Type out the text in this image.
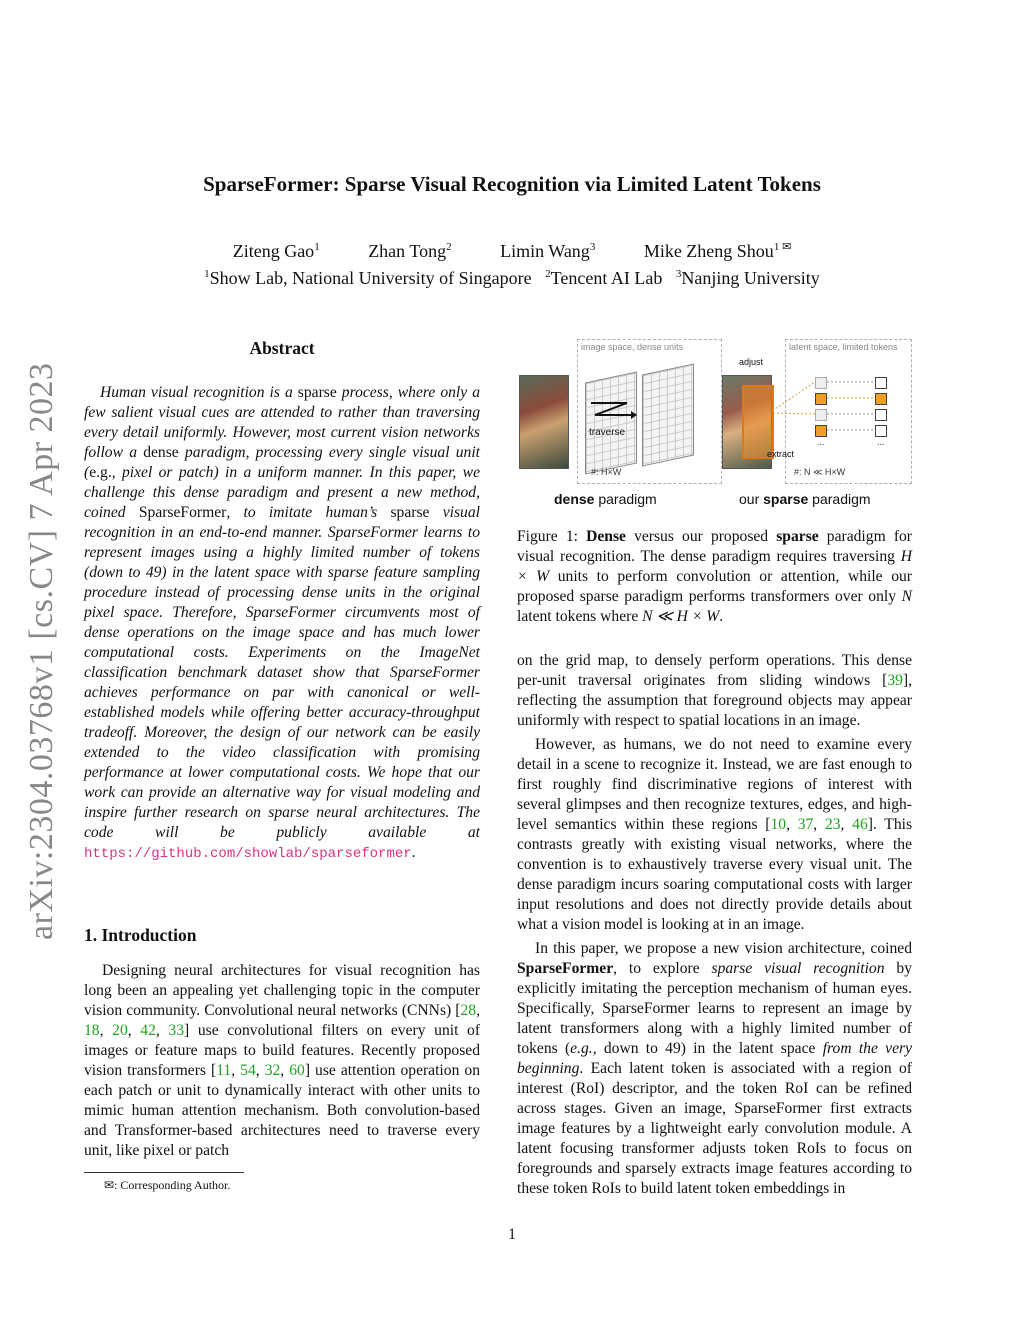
SparseFormer: Sparse Visual Recognition via Limited Latent Tokens
Ziteng Gao$^1$	Zhan Tong$^2$	Limin Wang$^3$	Mike Zheng Shou$^{1 ✉}$
$^1$Show Lab, National University of Singapore $^2$Tencent AI Lab $^3$Nanjing University
arXiv:2304.03768v1 [cs.CV] 7 Apr 2023
Abstract
Human visual recognition is a sparse process, where only a few salient visual cues are attended to rather than traversing every detail uniformly. However, most current vision networks follow a dense paradigm, processing every single visual unit (e.g., pixel or patch) in a uniform manner. In this paper, we challenge this dense paradigm and present a new method, coined SparseFormer, to imitate human’s sparse visual recognition in an end-to-end manner. SparseFormer learns to represent images using a highly limited number of tokens (down to 49) in the latent space with sparse feature sampling procedure instead of processing dense units in the original pixel space. Therefore, SparseFormer circumvents most of dense operations on the image space and has much lower computational costs. Experiments on the ImageNet classification benchmark dataset show that SparseFormer achieves performance on par with canonical or well-established models while offering better accuracy-throughput tradeoff. Moreover, the design of our network can be easily extended to the video classification with promising performance at lower computational costs. We hope that our work can provide an alternative way for visual modeling and inspire further research on sparse neural architectures. The code will be publicly available at https://github.com/showlab/sparseformer.
1. Introduction
Designing neural architectures for visual recognition has long been an appealing yet challenging topic in the computer vision community. Convolutional neural networks (CNNs) [28, 18, 20, 42, 33] use convolutional filters on every unit of images or feature maps to build features. Recently proposed vision transformers [11, 54, 32, 60] use attention operation on each patch or unit to dynamically interact with other units to mimic human attention mechanism. Both convolution-based and Transformer-based architectures need to traverse every unit, like pixel or patch
✉: Corresponding Author.
image space, dense units
traverse
#: H×W
latent space, limited tokens
adjust
extract
...	...
#: N ≪ H×W
dense paradigm	our sparse paradigm
Figure 1: Dense versus our proposed sparse paradigm for visual recognition. The dense paradigm requires traversing H × W units to perform convolution or attention, while our proposed sparse paradigm performs transformers over only N latent tokens where N ≪ H × W.

on the grid map, to densely perform operations. This dense per-unit traversal originates from sliding windows [39], reflecting the assumption that foreground objects may appear uniformly with respect to spatial locations in an image.

However, as humans, we do not need to examine every detail in a scene to recognize it. Instead, we are fast enough to first roughly find discriminative regions of interest with several glimpses and then recognize textures, edges, and high-level semantics within these regions [10, 37, 23, 46]. This contrasts greatly with existing visual networks, where the convention is to exhaustively traverse every visual unit. The dense paradigm incurs soaring computational costs with larger input resolutions and does not directly provide details about what a vision model is looking at in an image.

In this paper, we propose a new vision architecture, coined SparseFormer, to explore sparse visual recognition by explicitly imitating the perception mechanism of human eyes. Specifically, SparseFormer learns to represent an image by latent transformers along with a highly limited number of tokens (e.g., down to 49) in the latent space from the very beginning. Each latent token is associated with a region of interest (RoI) descriptor, and the token RoI can be refined across stages. Given an image, SparseFormer first extracts image features by a lightweight early convolution module. A latent focusing transformer adjusts token RoIs to focus on foregrounds and sparsely extracts image features according to these token RoIs to build latent token embeddings in

1
